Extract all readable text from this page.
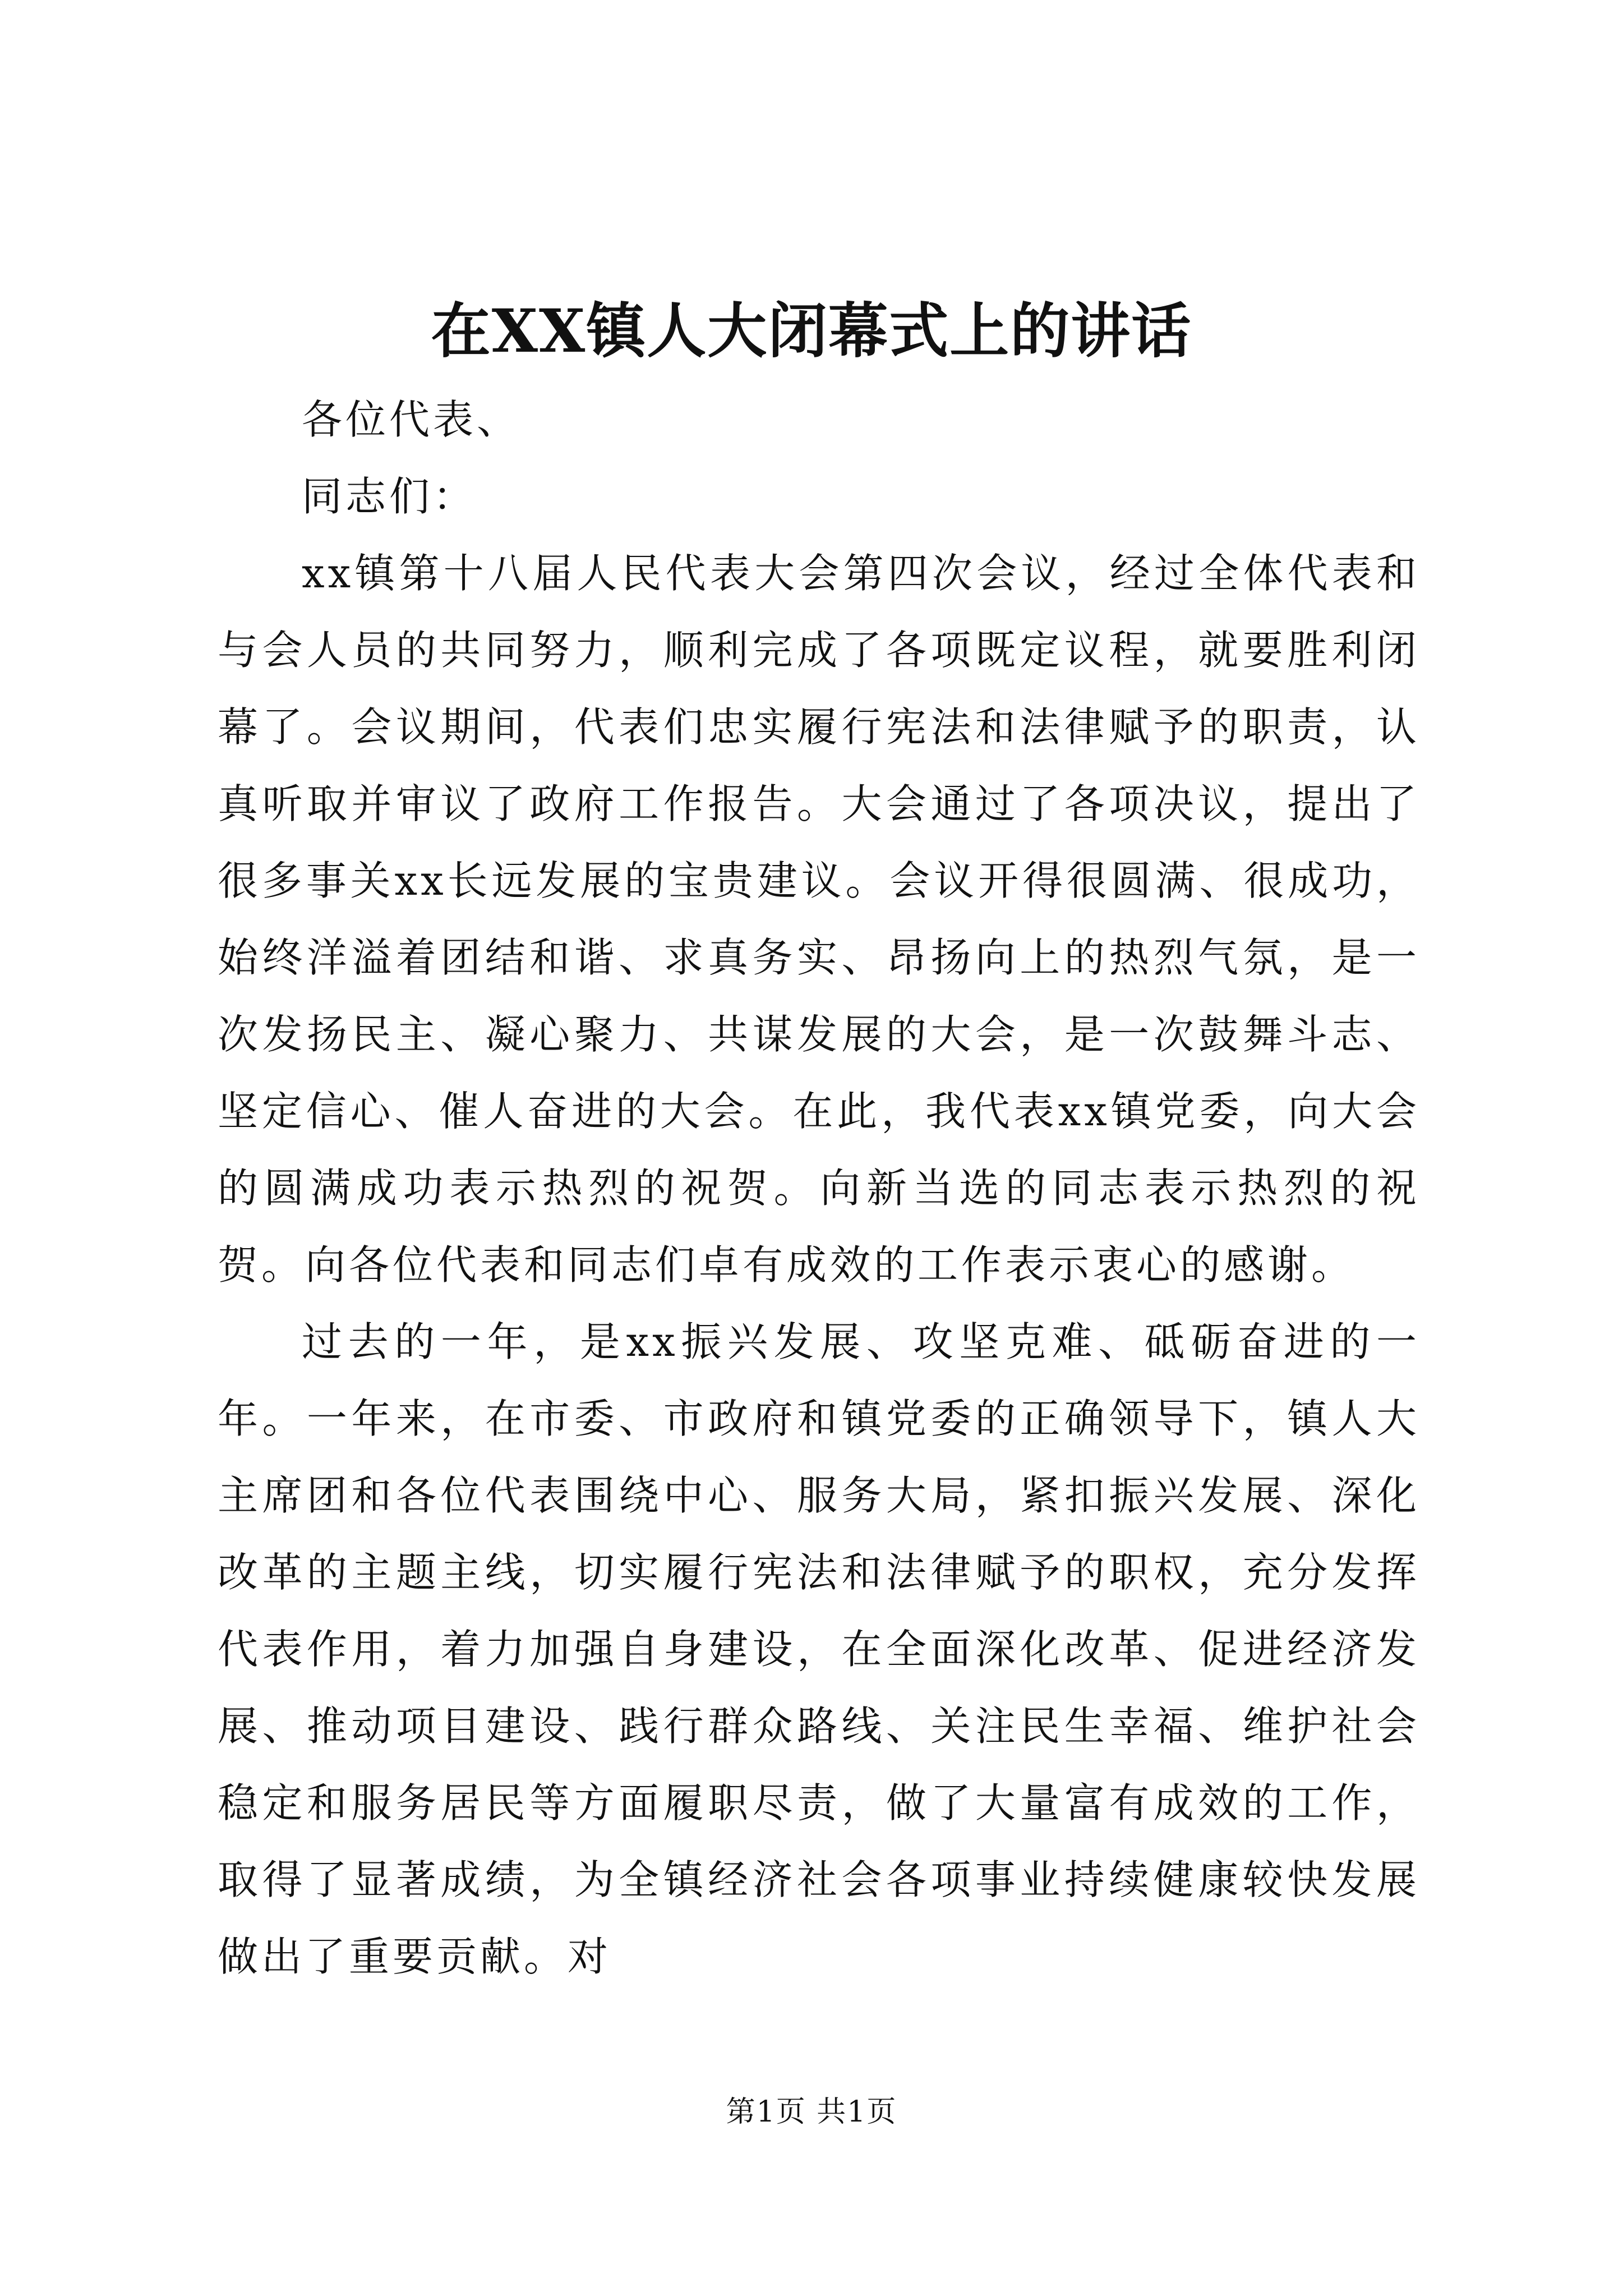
在XX镇人大闭幕式上的讲话

各位代表、

同志们：

xx镇第十八届人民代表大会第四次会议，经过全体代表和与会人员的共同努力，顺利完成了各项既定议程，就要胜利闭幕了。会议期间，代表们忠实履行宪法和法律赋予的职责，认真听取并审议了政府工作报告。大会通过了各项决议，提出了很多事关xx长远发展的宝贵建议。会议开得很圆满、很成功，始终洋溢着团结和谐、求真务实、昂扬向上的热烈气氛，是一次发扬民主、凝心聚力、共谋发展的大会，是一次鼓舞斗志、坚定信心、催人奋进的大会。在此，我代表xx镇党委，向大会的圆满成功表示热烈的祝贺。向新当选的同志表示热烈的祝贺。向各位代表和同志们卓有成效的工作表示衷心的感谢。

过去的一年，是xx振兴发展、攻坚克难、砥砺奋进的一年。一年来，在市委、市政府和镇党委的正确领导下，镇人大主席团和各位代表围绕中心、服务大局，紧扣振兴发展、深化改革的主题主线，切实履行宪法和法律赋予的职权，充分发挥代表作用，着力加强自身建设，在全面深化改革、促进经济发展、推动项目建设、践行群众路线、关注民生幸福、维护社会稳定和服务居民等方面履职尽责，做了大量富有成效的工作，取得了显著成绩，为全镇经济社会各项事业持续健康较快发展做出了重要贡献。对

第1页 共1页
